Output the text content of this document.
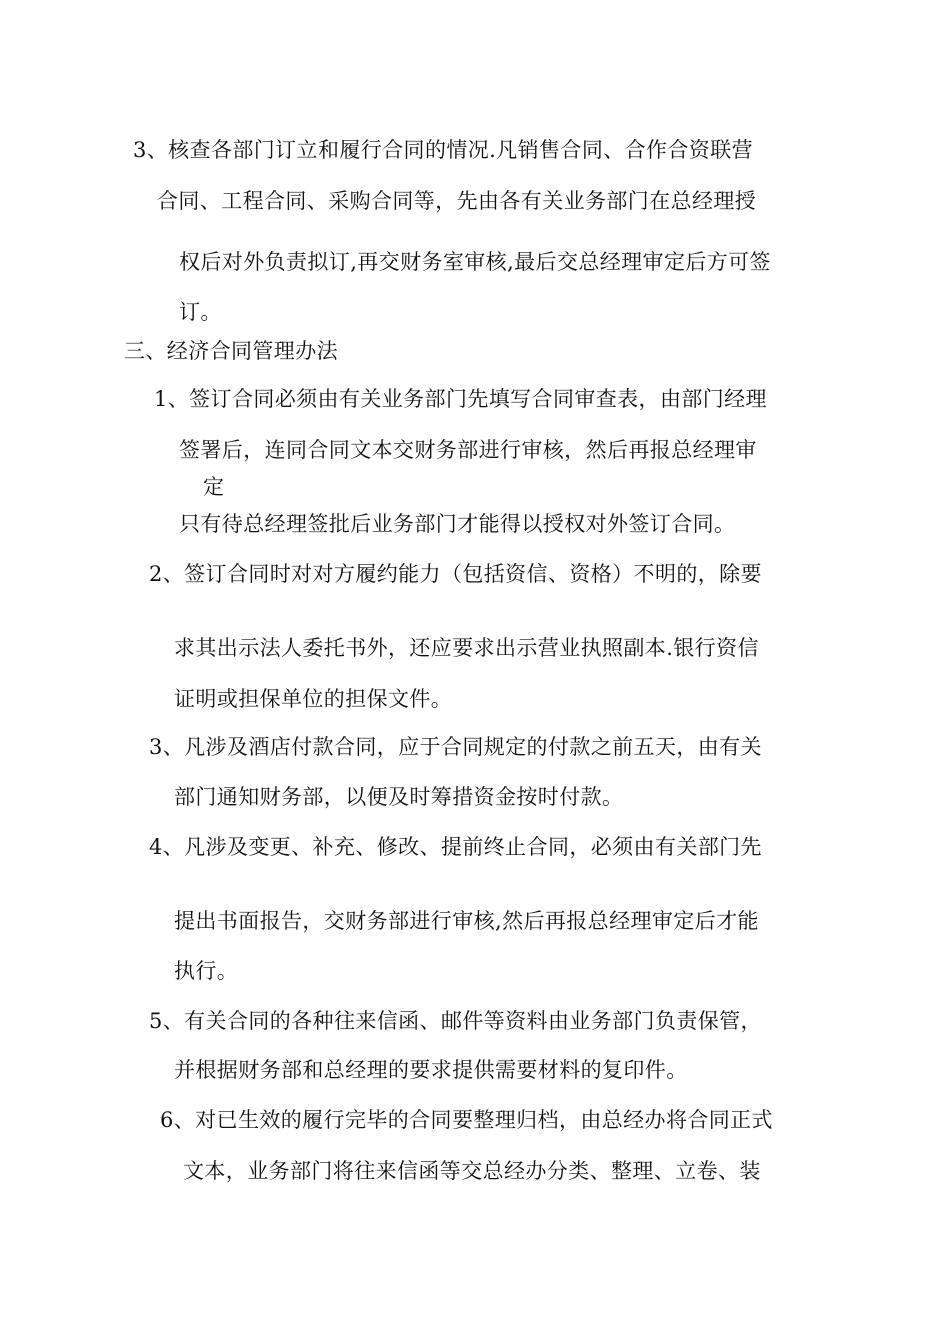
3、核查各部门订立和履行合同的情况.凡销售合同、合作合资联营
合同、工程合同、采购合同等，先由各有关业务部门在总经理授
权后对外负责拟订,再交财务室审核,最后交总经理审定后方可签
订。
三、经济合同管理办法
1、签订合同必须由有关业务部门先填写合同审查表，由部门经理
签署后，连同合同文本交财务部进行审核，然后再报总经理审
定
只有待总经理签批后业务部门才能得以授权对外签订合同。
2、签订合同时对对方履约能力（包括资信、资格）不明的，除要
求其出示法人委托书外，还应要求出示营业执照副本.银行资信
证明或担保单位的担保文件。
3、凡涉及酒店付款合同，应于合同规定的付款之前五天，由有关
部门通知财务部，以便及时筹措资金按时付款。
4、凡涉及变更、补充、修改、提前终止合同，必须由有关部门先
提出书面报告，交财务部进行审核,然后再报总经理审定后才能
执行。
5、有关合同的各种往来信函、邮件等资料由业务部门负责保管，
并根据财务部和总经理的要求提供需要材料的复印件。
6、对已生效的履行完毕的合同要整理归档，由总经办将合同正式
文本，业务部门将往来信函等交总经办分类、整理、立卷、装
